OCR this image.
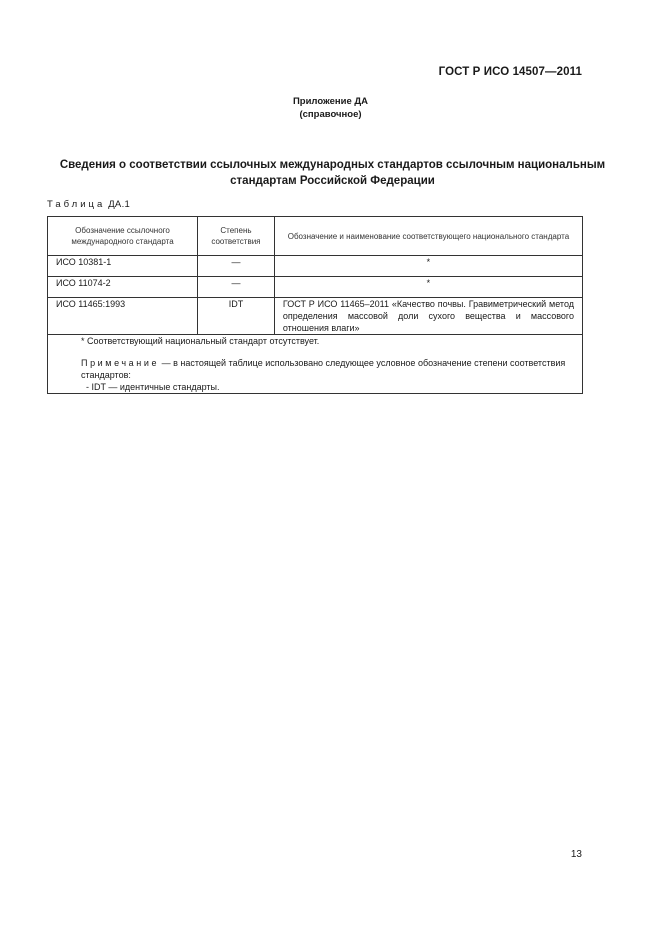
ГОСТ Р ИСО 14507—2011
Приложение ДА
(справочное)
Сведения о соответствии ссылочных международных стандартов ссылочным национальным
стандартам Российской Федерации
Таблица ДА.1
Обозначение ссылочного международного стандарта	Степень соответствия	Обозначение и наименование соответствующего национального стандарта
ИСО 10381-1	—	*
ИСО 11074-2	—	*
ИСО 11465:1993	IDT	ГОСТ Р ИСО 11465–2011 «Качество почвы. Гравиметрический метод определения массовой доли сухого вещества и массового отношения влаги»

* Соответствующий национальный стандарт отсутствует.
Примечание — в настоящей таблице использовано следующее условное обозначение степени соответствия стандартов:
- IDT — идентичные стандарты.		
13
